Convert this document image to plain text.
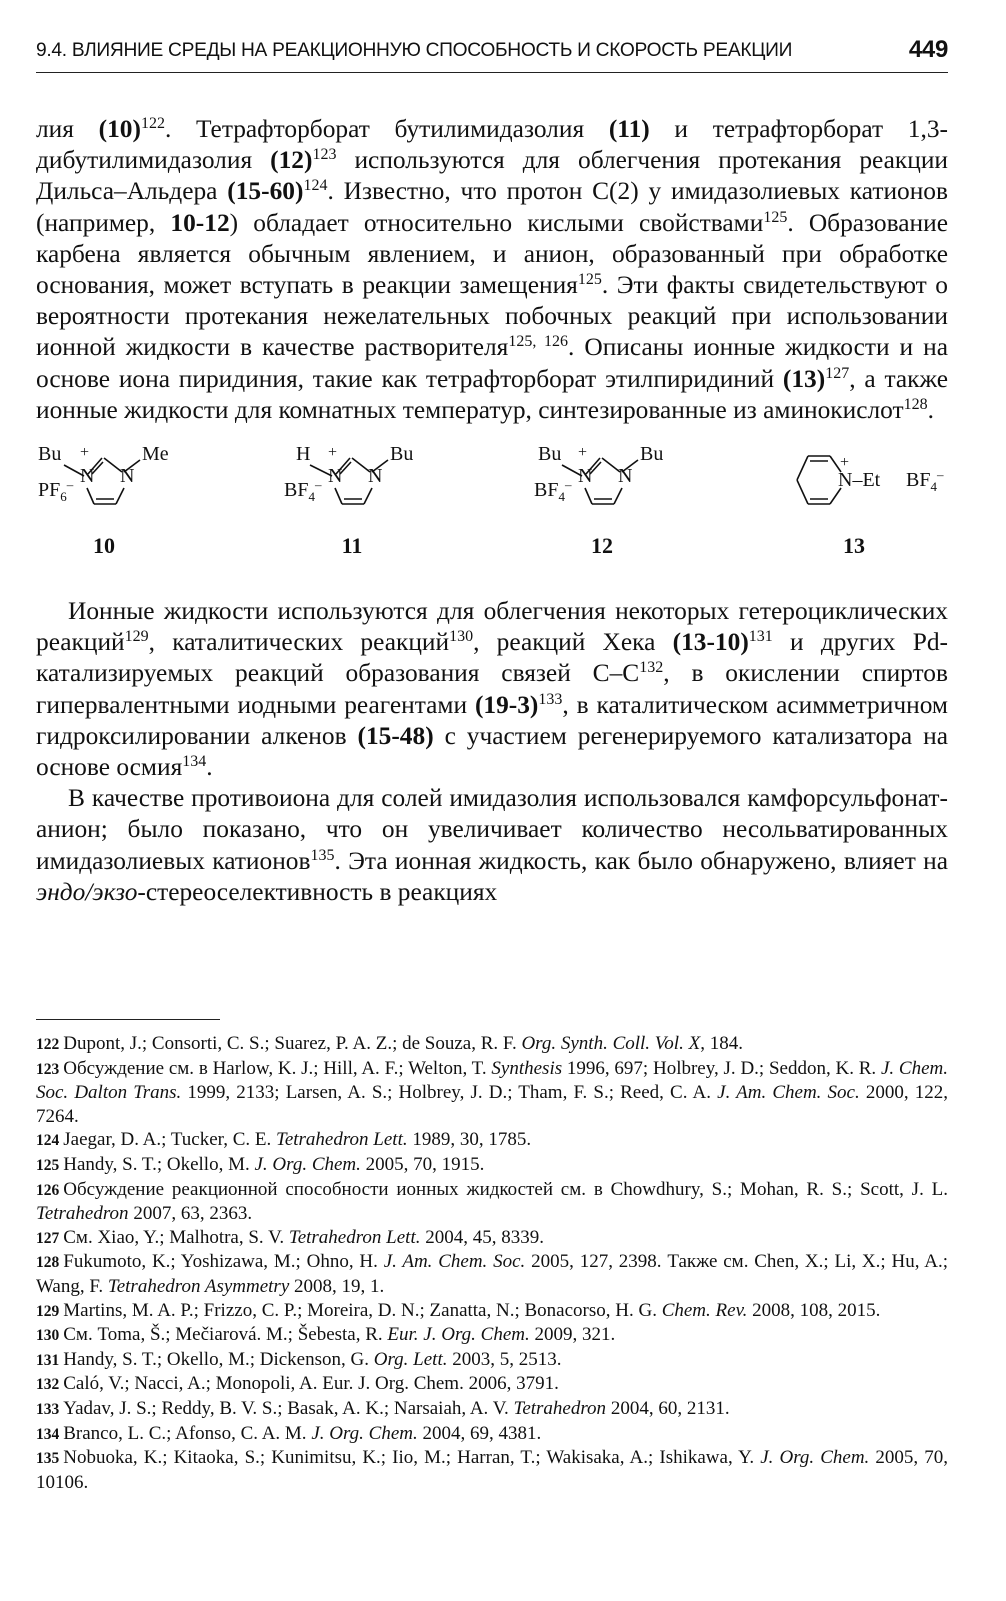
9.4. ВЛИЯНИЕ СРЕДЫ НА РЕАКЦИОННУЮ СПОСОБНОСТЬ И СКОРОСТЬ РЕАКЦИИ	449

лия $(10)^{122}$. Тетрафторборат бутилимидазолия (11) и тетрафторборат 1,3-дибутилимидазолия $(12)^{123}$ используются для облегчения протекания реакции Дильса–Альдера $(15-60)^{124}$. Известно, что протон С(2) у имидазолиевых катионов (например, 10-12) обладает относительно кислыми свойствами$^{125}$. Образование карбена является обычным явлением, и анион, образованный при обработке основания, может вступать в реакции замещения$^{125}$. Эти факты свидетельствуют о вероятности протекания нежелательных побочных реакций при использовании ионной жидкости в качестве растворителя$^{125, 126}$. Описаны ионные жидкости и на основе иона пиридиния, такие как тетрафторборат этилпиридиний $(13)^{127}$, а также ионные жидкости для комнатных температур, синтезированные из аминокислот$^{128}$.

Bu +
N N
Me
$PF_6^-$
H +
N N
Bu
$BF_4^-$
Bu +
N N
Bu
$BF_4^-$
+
N–Et $BF_4^-$
10	11	12	13

Ионные жидкости используются для облегчения некоторых гетероциклических реакций$^{129}$, каталитических реакций$^{130}$, реакций Хека $(13-10)^{131}$ и других Pd-катализируемых реакций образования связей $С-С^{132}$, в окислении спиртов гипервалентными иодными реагентами $(19-3)^{133}$, в каталитическом асимметричном гидроксилировании алкенов (15-48) с участием регенерируемого катализатора на основе осмия$^{134}$.

В качестве противоиона для солей имидазолия использовался камфорсульфонат-анион; было показано, что он увеличивает количество несольватированных имидазолиевых катионов$^{135}$. Эта ионная жидкость, как было обнаружено, влияет на эндо/экзо-стереоселективность в реакциях

122 Dupont, J.; Consorti, C. S.; Suarez, P. A. Z.; de Souza, R. F. Org. Synth. Coll. Vol. X, 184.
123 Обсуждение см. в Harlow, K. J.; Hill, A. F.; Welton, T. Synthesis 1996, 697; Holbrey, J. D.; Seddon, K. R. J. Chem. Soc. Dalton Trans. 1999, 2133; Larsen, A. S.; Holbrey, J. D.; Tham, F. S.; Reed, C. A. J. Am. Chem. Soc. 2000, 122, 7264.
124 Jaegar, D. A.; Tucker, C. E. Tetrahedron Lett. 1989, 30, 1785.
125 Handy, S. T.; Okello, M. J. Org. Chem. 2005, 70, 1915.
126 Обсуждение реакционной способности ионных жидкостей см. в Chowdhury, S.; Mohan, R. S.; Scott, J. L. Tetrahedron 2007, 63, 2363.
127 См. Xiao, Y.; Malhotra, S. V. Tetrahedron Lett. 2004, 45, 8339.
128 Fukumoto, K.; Yoshizawa, M.; Ohno, H. J. Am. Chem. Soc. 2005, 127, 2398. Также см. Chen, X.; Li, X.; Hu, A.; Wang, F. Tetrahedron Asymmetry 2008, 19, 1.
129 Martins, M. A. P.; Frizzo, C. P.; Moreira, D. N.; Zanatta, N.; Bonacorso, H. G. Chem. Rev. 2008, 108, 2015.
130 См. Toma, Š.; Mečiarová. M.; Šebesta, R. Eur. J. Org. Chem. 2009, 321.
131 Handy, S. T.; Okello, M.; Dickenson, G. Org. Lett. 2003, 5, 2513.
132 Caló, V.; Nacci, A.; Monopoli, A. Eur. J. Org. Chem. 2006, 3791.
133 Yadav, J. S.; Reddy, B. V. S.; Basak, A. K.; Narsaiah, A. V. Tetrahedron 2004, 60, 2131.
134 Branco, L. C.; Afonso, C. A. M. J. Org. Chem. 2004, 69, 4381.
135 Nobuoka, K.; Kitaoka, S.; Kunimitsu, K.; Iio, M.; Harran, T.; Wakisaka, A.; Ishikawa, Y. J. Org. Chem. 2005, 70, 10106.
